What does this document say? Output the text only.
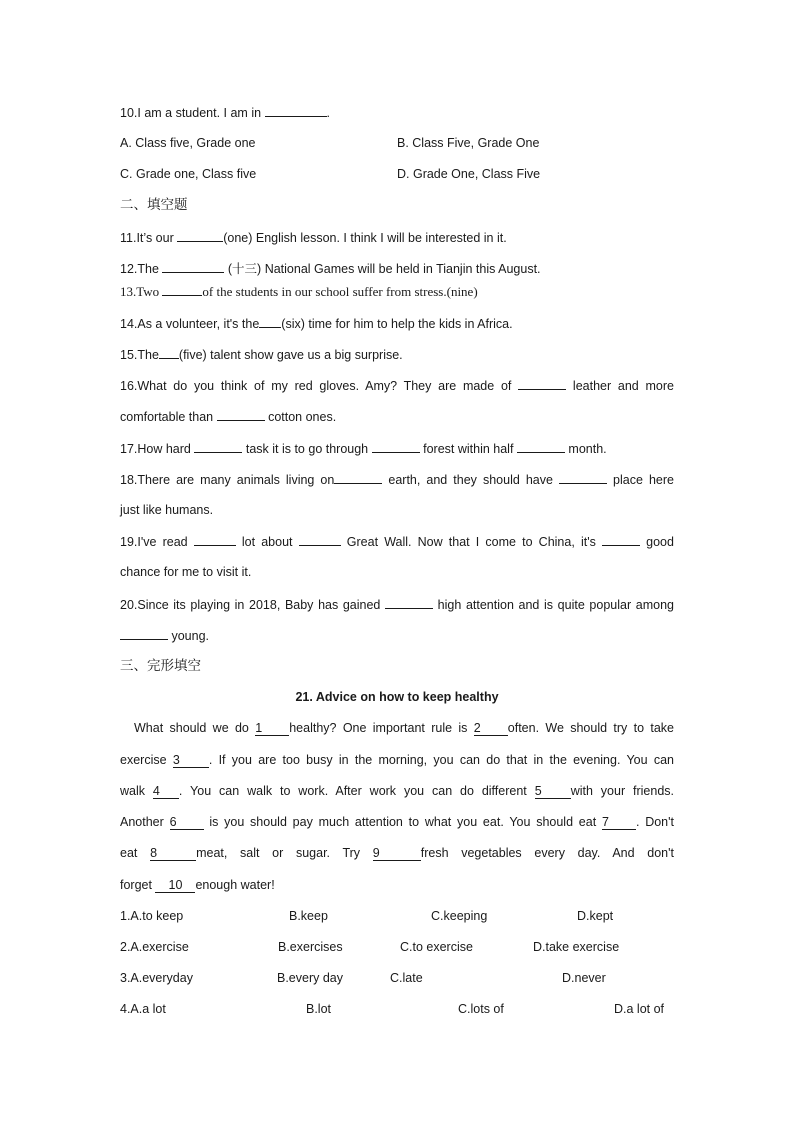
10.I am a student. I am in	.
A. Class five, Grade one	B. Class Five, Grade One
C. Grade one, Class five	D. Grade One, Class Five
二、填空题
11.It’s our	(one) English lesson. I think I will be interested in it.
12.The	(十三) National Games will be held in Tianjin this August.
13.Two	of the students in our school suffer from stress.(nine)
14.As a volunteer, it's the (six) time for him to help the kids in Africa.
15.The (five) talent show gave us a big surprise.
16.What do you think of my red gloves. Amy? They are made of	leather and more
comfortable than	cotton ones.
17.How hard	task it is to go through	forest within half	month.
18.There are many animals living on	earth, and they should have	place here
just like humans.
19.I've read	lot about	Great Wall. Now that I come to China, it's	good
chance for me to visit it.
20.Since its playing in 2018, Baby has gained	high attention and is quite popular among
young.
三、完形填空
21. Advice on how to keep healthy
What should we do 1 healthy? One important rule is 2 often. We should try to take
exercise 3 . If you are too busy in the morning, you can do that in the evening. You can
walk 4 . You can walk to work. After work you can do different 5 with your friends.
Another 6	is you should pay much attention to what you eat. You should eat 7 . Don't
eat 8	meat, salt or sugar. Try 9	fresh vegetables every day. And don't
forget 10 enough water!
1.A.to keep	B.keep	C.keeping	D.kept
2.A.exercise	B.exercises	C.to exercise	D.take exercise
3.A.everyday	B.every day	C.late	D.never
4.A.a lot	B.lot	C.lots of	D.a lot of
